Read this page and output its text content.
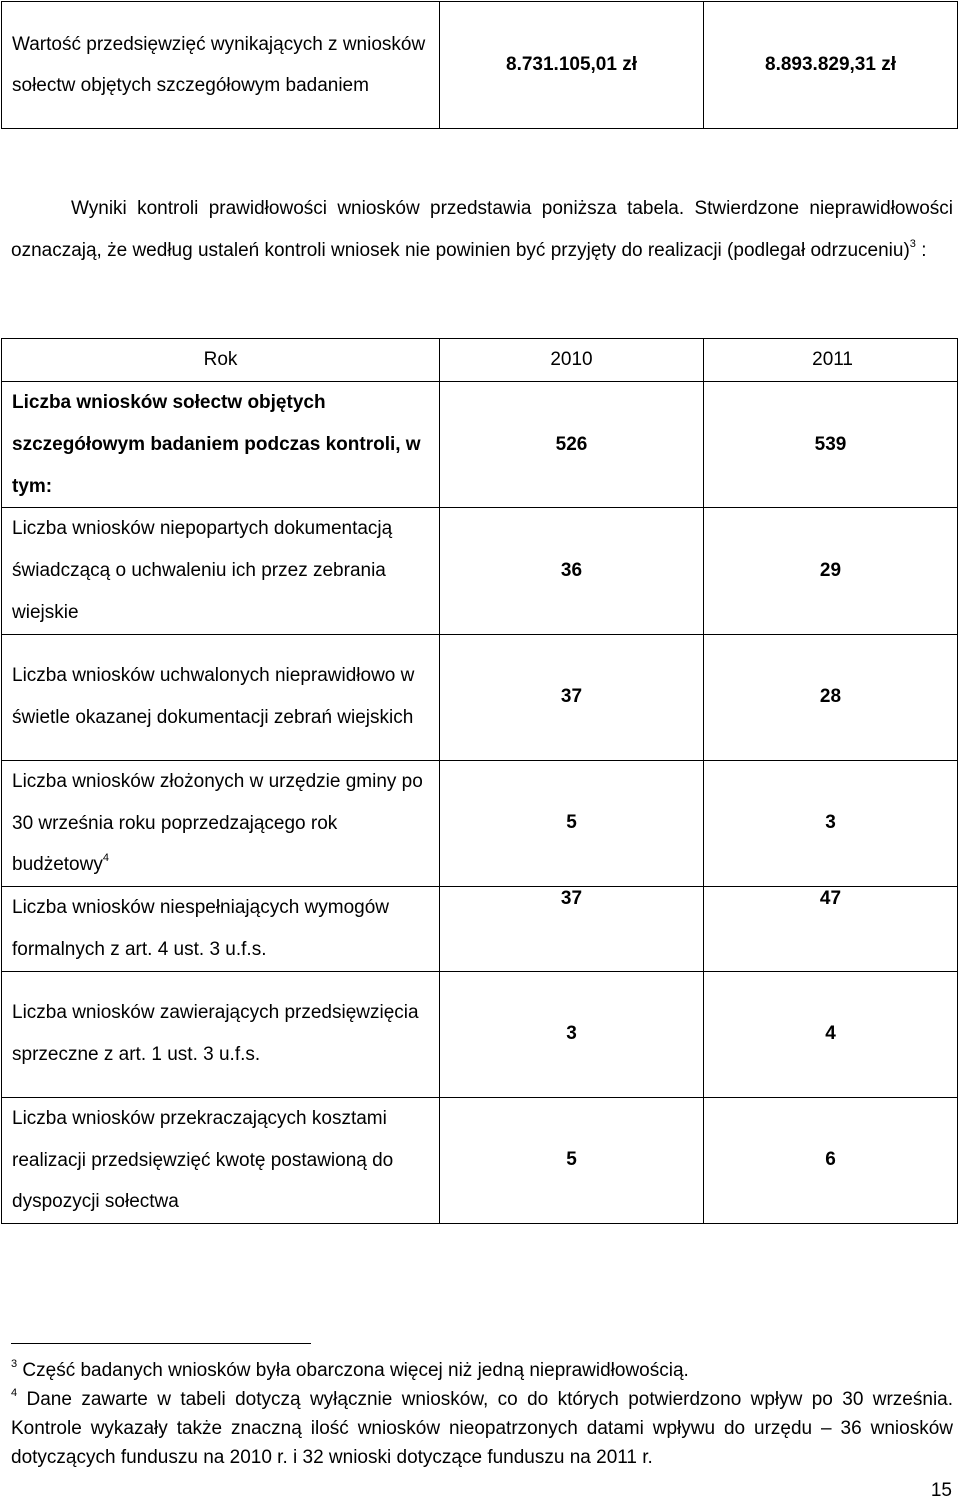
Wartość przedsięwzięć wynikających z wniosków sołectw objętych szczegółowym badaniem	8.731.105,01 zł	8.893.829,31 zł
Wyniki kontroli prawidłowości wniosków przedstawia poniższa tabela. Stwierdzone nieprawidłowości oznaczają, że według ustaleń kontroli wniosek nie powinien być przyjęty do realizacji (podlegał odrzuceniu)$^3$ :
Rok	2010	2011
Liczba wniosków sołectw objętych szczegółowym badaniem podczas kontroli, w tym:	526	539
Liczba wniosków niepopartych dokumentacją świadczącą o uchwaleniu ich przez zebrania wiejskie	36	29
Liczba wniosków uchwalonych nieprawidłowo w świetle okazanej dokumentacji zebrań wiejskich	37	28
Liczba wniosków złożonych w urzędzie gminy po 30 września roku poprzedzającego rok budżetowy$^4$	5	3
Liczba wniosków niespełniających wymogów formalnych z art. 4 ust. 3 u.f.s.	37	47
Liczba wniosków zawierających przedsięwzięcia sprzeczne z art. 1 ust. 3 u.f.s.	3	4
Liczba wniosków przekraczających kosztami realizacji przedsięwzięć kwotę postawioną do dyspozycji sołectwa	5	6

$^3$ Część badanych wniosków była obarczona więcej niż jedną nieprawidłowością.

$^4$ Dane zawarte w tabeli dotyczą wyłącznie wniosków, co do których potwierdzono wpływ po 30 września. Kontrole wykazały także znaczną ilość wniosków nieopatrzonych datami wpływu do urzędu – 36 wniosków dotyczących funduszu na 2010 r. i 32 wnioski dotyczące funduszu na 2011 r.

15
